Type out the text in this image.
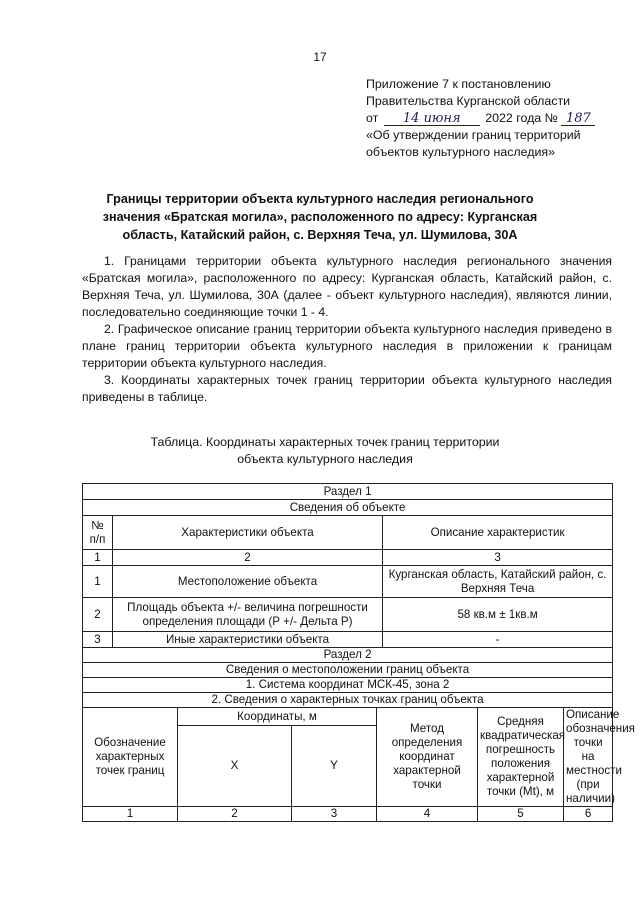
17
Приложение 7 к постановлению
Правительства Курганской области
от 14 июня 2022 года № 187
«Об утверждении границ территорий
объектов культурного наследия»
Границы территории объекта культурного наследия регионального значения «Братская могила», расположенного по адресу: Курганская область, Катайский район, с. Верхняя Теча, ул. Шумилова, 30А

1. Границами территории объекта культурного наследия регионального значения «Братская могила», расположенного по адресу: Курганская область, Катайский район, с. Верхняя Теча, ул. Шумилова, 30А (далее - объект культурного наследия), являются линии, последовательно соединяющие точки 1 - 4.

2. Графическое описание границ территории объекта культурного наследия приведено в плане границ территории объекта культурного наследия в приложении к границам территории объекта культурного наследия.

3. Координаты характерных точек границ территории объекта культурного наследия приведены в таблице.

Таблица. Координаты характерных точек границ территории
объекта культурного наследия
Раздел 1							
Сведения об объекте							
№ п/п	Характеристики объекта				Описание характеристик		
1	2				3		
1	Местоположение объекта				Курганская область, Катайский район, с. Верхняя Теча		
2	Площадь объекта +/- величина погрешности определения площади (Р +/- Дельта Р)				58 кв.м ± 1кв.м		
3	Иные характеристики объекта				-		
Раздел 2							
Сведения о местоположении границ объекта							
1. Система координат МСК-45, зона 2							
2. Сведения о характерных точках границ объекта							
Обозначение характерных точек границ		Координаты, м		Метод определения координат характерной точки		Средняя квадратическая погрешность положения характерной точки (Mt), м	Описание обозначения точки на местности (при наличии)
		X	Y				
1		2	3	4		5	6
